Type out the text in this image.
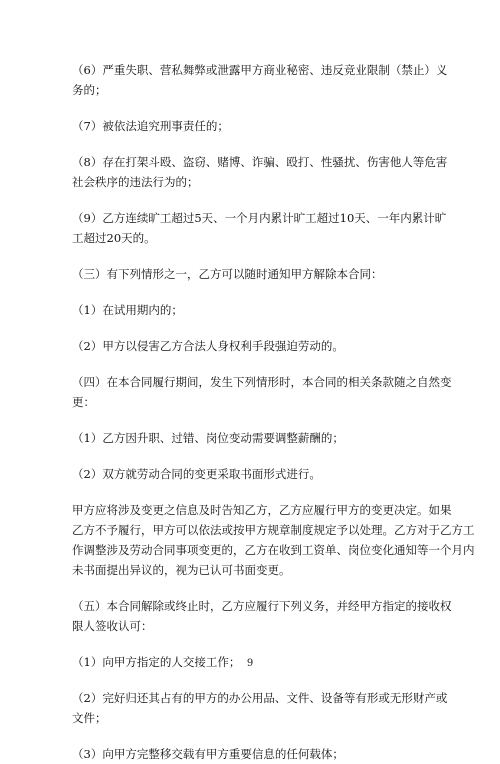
（6）严重失职、营私舞弊或泄露甲方商业秘密、违反竞业限制（禁止）义
务的；

（7）被依法追究刑事责任的；

（8）存在打架斗殴、盗窃、赌博、诈骗、殴打、性骚扰、伤害他人等危害
社会秩序的违法行为的；

（9）乙方连续旷工超过5天、一个月内累计旷工超过10天、一年内累计旷
工超过20天的。

（三）有下列情形之一，乙方可以随时通知甲方解除本合同：

（1）在试用期内的；

（2）甲方以侵害乙方合法人身权利手段强迫劳动的。

（四）在本合同履行期间，发生下列情形时，本合同的相关条款随之自然变
更：

（1）乙方因升职、过错、岗位变动需要调整薪酬的；

（2）双方就劳动合同的变更采取书面形式进行。

甲方应将涉及变更之信息及时告知乙方，乙方应履行甲方的变更决定。如果
乙方不予履行，甲方可以依法或按甲方规章制度规定予以处理。乙方对于乙方工
作调整涉及劳动合同事项变更的，乙方在收到工资单、岗位变化通知等一个月内
未书面提出异议的，视为已认可书面变更。

（五）本合同解除或终止时，乙方应履行下列义务，并经甲方指定的接收权
限人签收认可：

（1）向甲方指定的人交接工作；

（2）完好归还其占有的甲方的办公用品、文件、设备等有形或无形财产或
文件；

（3）向甲方完整移交载有甲方重要信息的任何载体；

9
